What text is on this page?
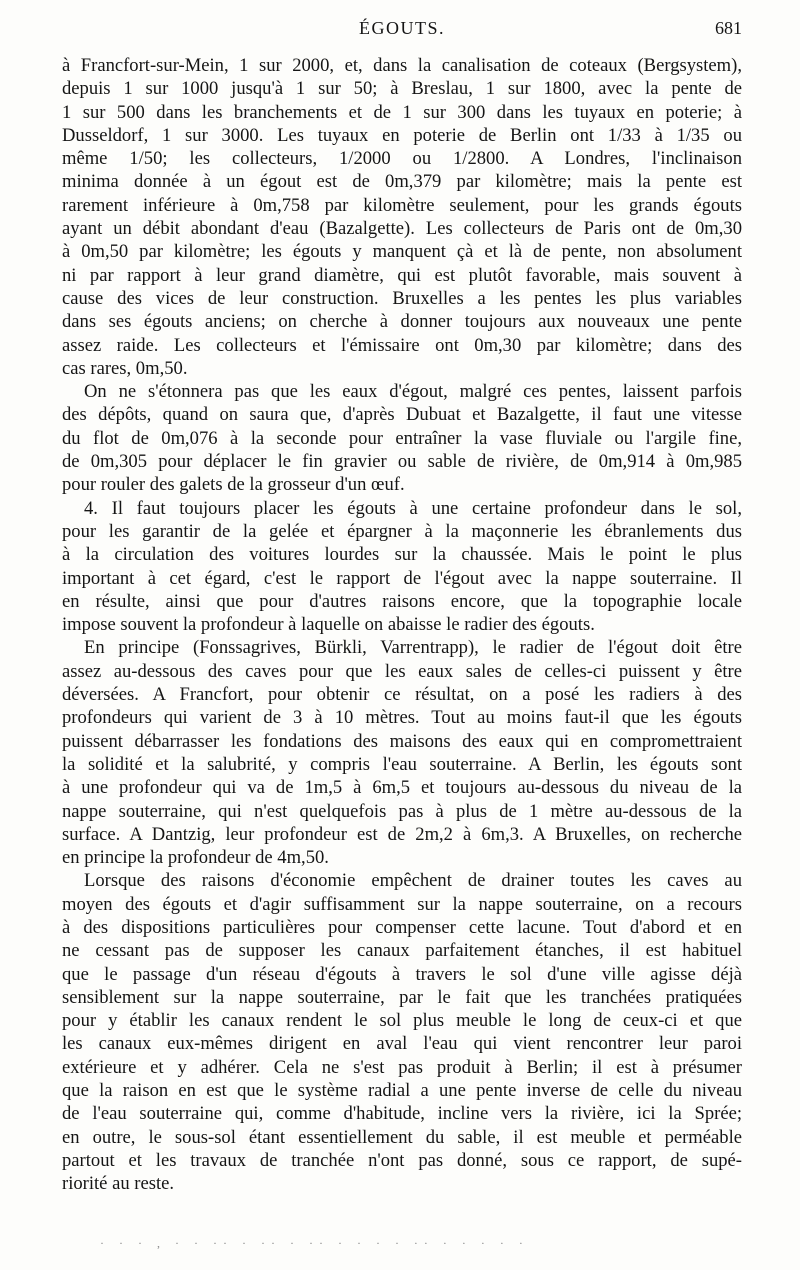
ÉGOUTS.	681
à Francfort-sur-Mein, 1 sur 2000, et, dans la canalisation de coteaux (Bergsystem),
depuis 1 sur 1000 jusqu'à 1 sur 50; à Breslau, 1 sur 1800, avec la pente de
1 sur 500 dans les branchements et de 1 sur 300 dans les tuyaux en poterie; à
Dusseldorf, 1 sur 3000. Les tuyaux en poterie de Berlin ont 1/33 à 1/35 ou
même 1/50; les collecteurs, 1/2000 ou 1/2800. A Londres, l'inclinaison
minima donnée à un égout est de 0m,379 par kilomètre; mais la pente est
rarement inférieure à 0m,758 par kilomètre seulement, pour les grands égouts
ayant un débit abondant d'eau (Bazalgette). Les collecteurs de Paris ont de 0m,30
à 0m,50 par kilomètre; les égouts y manquent çà et là de pente, non absolument
ni par rapport à leur grand diamètre, qui est plutôt favorable, mais souvent à
cause des vices de leur construction. Bruxelles a les pentes les plus variables
dans ses égouts anciens; on cherche à donner toujours aux nouveaux une pente
assez raide. Les collecteurs et l'émissaire ont 0m,30 par kilomètre; dans des
cas rares, 0m,50.
On ne s'étonnera pas que les eaux d'égout, malgré ces pentes, laissent parfois
des dépôts, quand on saura que, d'après Dubuat et Bazalgette, il faut une vitesse
du flot de 0m,076 à la seconde pour entraîner la vase fluviale ou l'argile fine,
de 0m,305 pour déplacer le fin gravier ou sable de rivière, de 0m,914 à 0m,985
pour rouler des galets de la grosseur d'un œuf.
4. Il faut toujours placer les égouts à une certaine profondeur dans le sol,
pour les garantir de la gelée et épargner à la maçonnerie les ébranlements dus
à la circulation des voitures lourdes sur la chaussée. Mais le point le plus
important à cet égard, c'est le rapport de l'égout avec la nappe souterraine. Il
en résulte, ainsi que pour d'autres raisons encore, que la topographie locale
impose souvent la profondeur à laquelle on abaisse le radier des égouts.
En principe (Fonssagrives, Bürkli, Varrentrapp), le radier de l'égout doit être
assez au-dessous des caves pour que les eaux sales de celles-ci puissent y être
déversées. A Francfort, pour obtenir ce résultat, on a posé les radiers à des
profondeurs qui varient de 3 à 10 mètres. Tout au moins faut-il que les égouts
puissent débarrasser les fondations des maisons des eaux qui en compromettraient
la solidité et la salubrité, y compris l'eau souterraine. A Berlin, les égouts sont
à une profondeur qui va de 1m,5 à 6m,5 et toujours au-dessous du niveau de la
nappe souterraine, qui n'est quelquefois pas à plus de 1 mètre au-dessous de la
surface. A Dantzig, leur profondeur est de 2m,2 à 6m,3. A Bruxelles, on recherche
en principe la profondeur de 4m,50.
Lorsque des raisons d'économie empêchent de drainer toutes les caves au
moyen des égouts et d'agir suffisamment sur la nappe souterraine, on a recours
à des dispositions particulières pour compenser cette lacune. Tout d'abord et en
ne cessant pas de supposer les canaux parfaitement étanches, il est habituel
que le passage d'un réseau d'égouts à travers le sol d'une ville agisse déjà
sensiblement sur la nappe souterraine, par le fait que les tranchées pratiquées
pour y établir les canaux rendent le sol plus meuble le long de ceux-ci et que
les canaux eux-mêmes dirigent en aval l'eau qui vient rencontrer leur paroi
extérieure et y adhérer. Cela ne s'est pas produit à Berlin; il est à présumer
que la raison en est que le système radial a une pente inverse de celle du niveau
de l'eau souterraine qui, comme d'habitude, incline vers la rivière, ici la Sprée;
en outre, le sous-sol étant essentiellement du sable, il est meuble et perméable
partout et les travaux de tranchée n'ont pas donné, sous ce rapport, de supé-
riorité au reste.
· · · , · · ·· · ·· · ·· · · · · ·· · · · · ·
